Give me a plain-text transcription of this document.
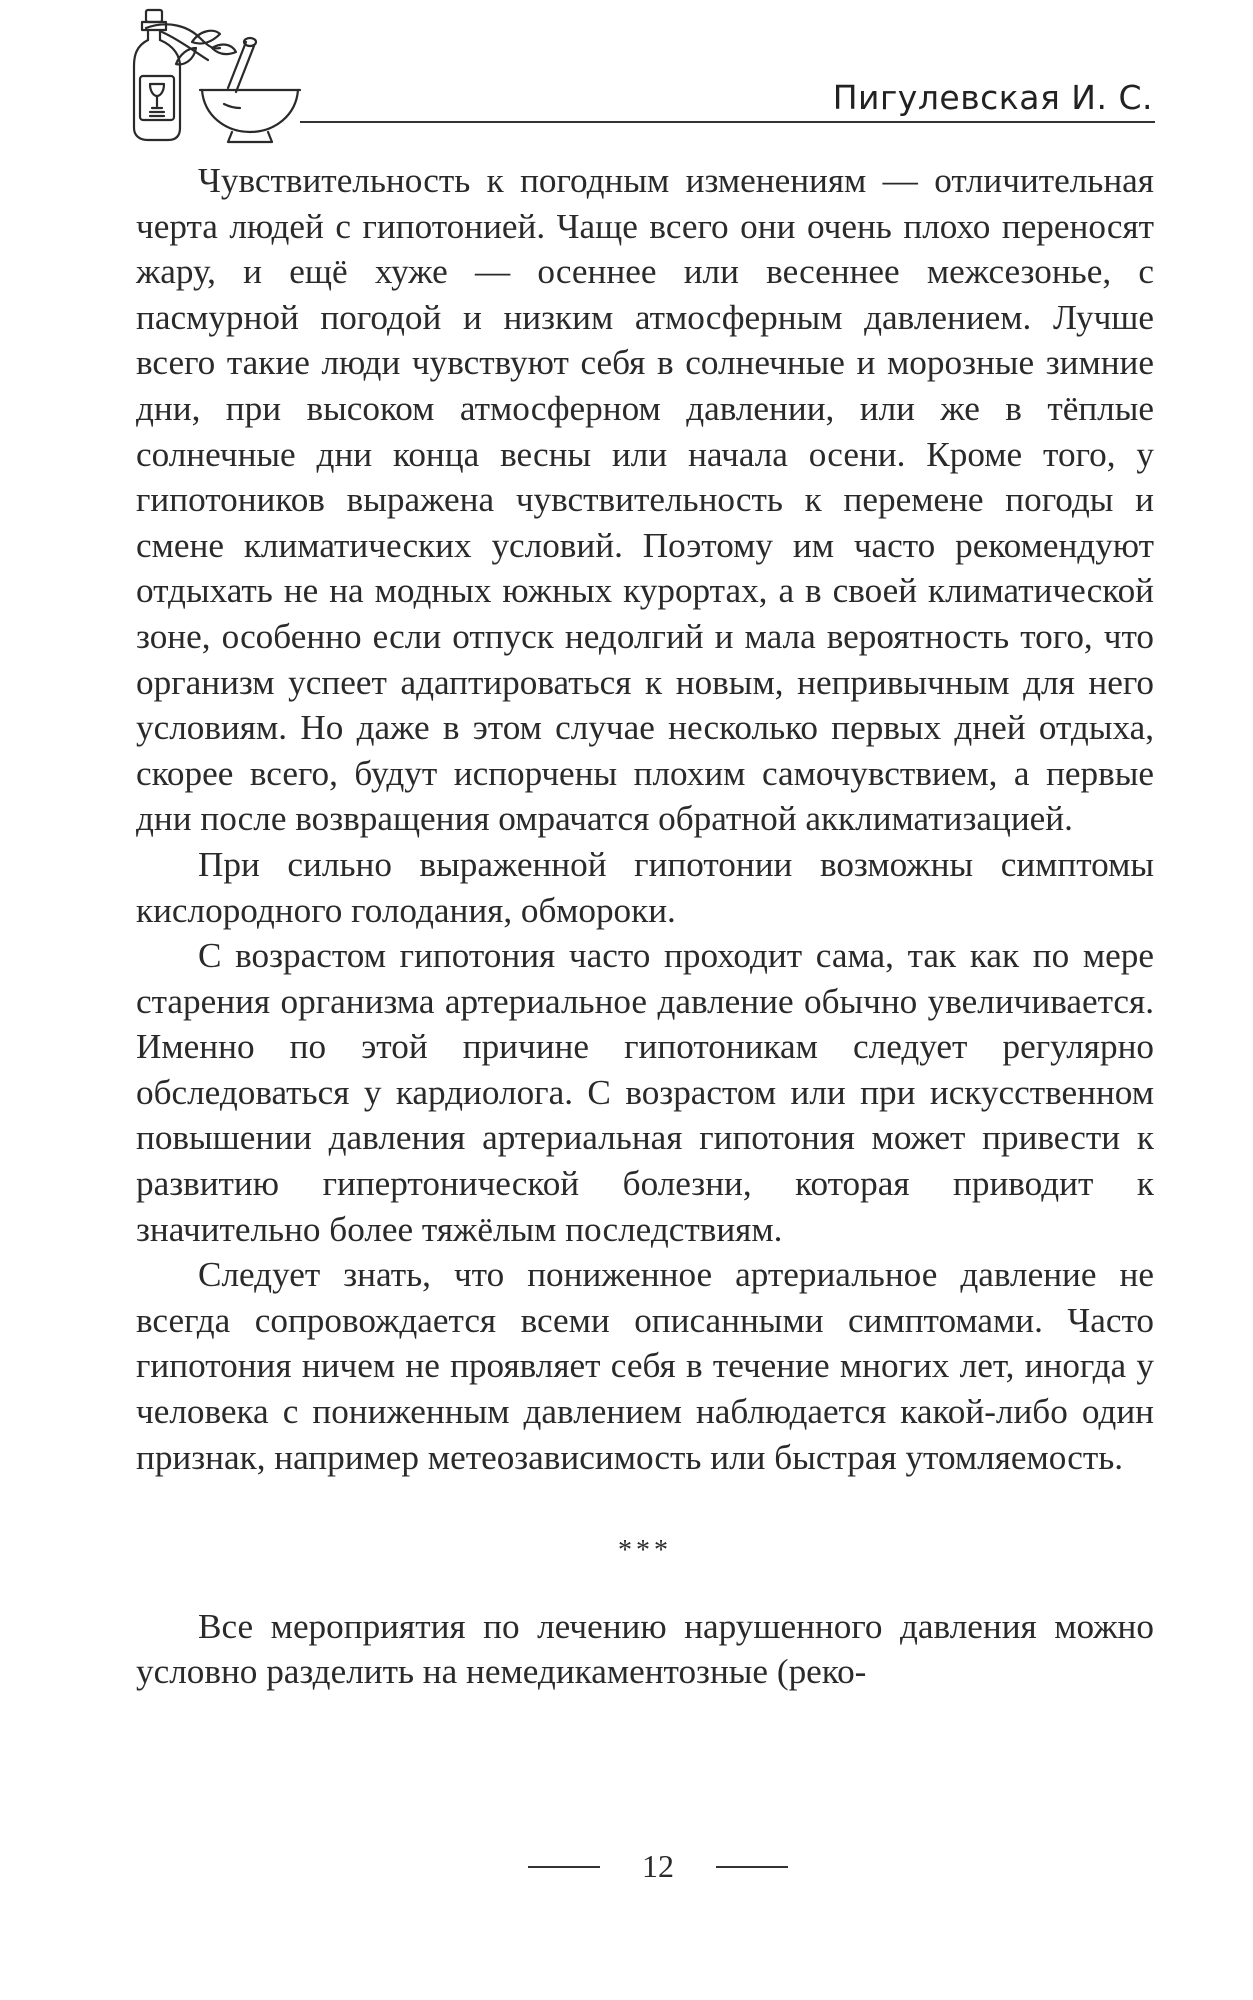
Пигулевская И. С.

Чувствительность к погодным изменениям — отличительная черта людей с гипотонией. Чаще всего они очень плохо переносят жару, и ещё хуже — осеннее или весеннее межсезонье, с пасмурной погодой и низким атмосферным давлением. Лучше всего такие люди чувствуют себя в солнечные и морозные зимние дни, при высоком атмосферном давлении, или же в тёплые солнечные дни конца весны или начала осени. Кроме того, у гипотоников выражена чувствительность к перемене погоды и смене климатических условий. Поэтому им часто рекомендуют отдыхать не на модных южных курортах, а в своей климатической зоне, особенно если отпуск недолгий и мала вероятность того, что организм успеет адаптироваться к новым, непривычным для него условиям. Но даже в этом случае несколько первых дней отдыха, скорее всего, будут испорчены плохим самочувствием, а первые дни после возвращения омрачатся обратной акклиматизацией.

При сильно выраженной гипотонии возможны симптомы кислородного голодания, обмороки.

С возрастом гипотония часто проходит сама, так как по мере старения организма артериальное давление обычно увеличивается. Именно по этой причине гипотоникам следует регулярно обследоваться у кардиолога. С возрастом или при искусственном повышении давления артериальная гипотония может привести к развитию гипертонической болезни, которая приводит к значительно более тяжёлым последствиям.

Следует знать, что пониженное артериальное давление не всегда сопровождается всеми описанными симптомами. Часто гипотония ничем не проявляет себя в течение многих лет, иногда у человека с пониженным давлением наблюдается какой-либо один признак, например метеозависимость или быстрая утомляемость.

***

Все мероприятия по лечению нарушенного давления можно условно разделить на немедикаментозные (реко-

12
